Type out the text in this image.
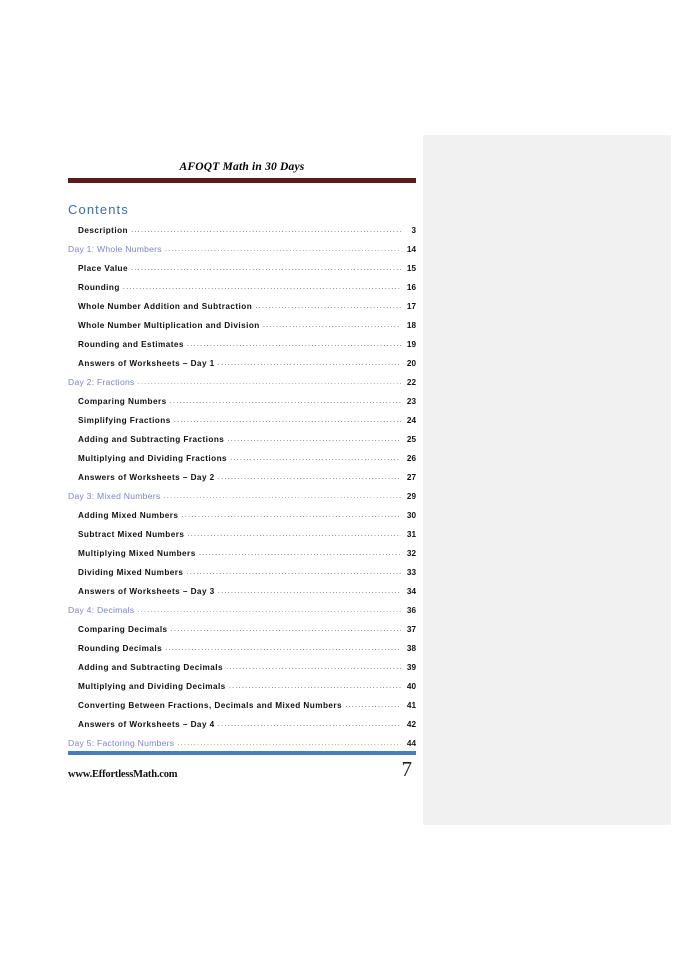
AFOQT Math in 30 Days
Contents
Description .....	3
Day 1: Whole Numbers .....	14
Place Value .....	15
Rounding .....	16
Whole Number Addition and Subtraction .....	17
Whole Number Multiplication and Division .....	18
Rounding and Estimates .....	19
Answers of Worksheets – Day 1 .....	20
Day 2: Fractions .....	22
Comparing Numbers .....	23
Simplifying Fractions .....	24
Adding and Subtracting Fractions .....	25
Multiplying and Dividing Fractions .....	26
Answers of Worksheets – Day 2 .....	27
Day 3: Mixed Numbers .....	29
Adding Mixed Numbers .....	30
Subtract Mixed Numbers .....	31
Multiplying Mixed Numbers .....	32
Dividing Mixed Numbers .....	33
Answers of Worksheets – Day 3 .....	34
Day 4: Decimals .....	36
Comparing Decimals .....	37
Rounding Decimals .....	38
Adding and Subtracting Decimals .....	39
Multiplying and Dividing Decimals .....	40
Converting Between Fractions, Decimals and Mixed Numbers .....	41
Answers of Worksheets – Day 4 .....	42
Day 5: Factoring Numbers .....	44
www.EffortlessMath.com	7
